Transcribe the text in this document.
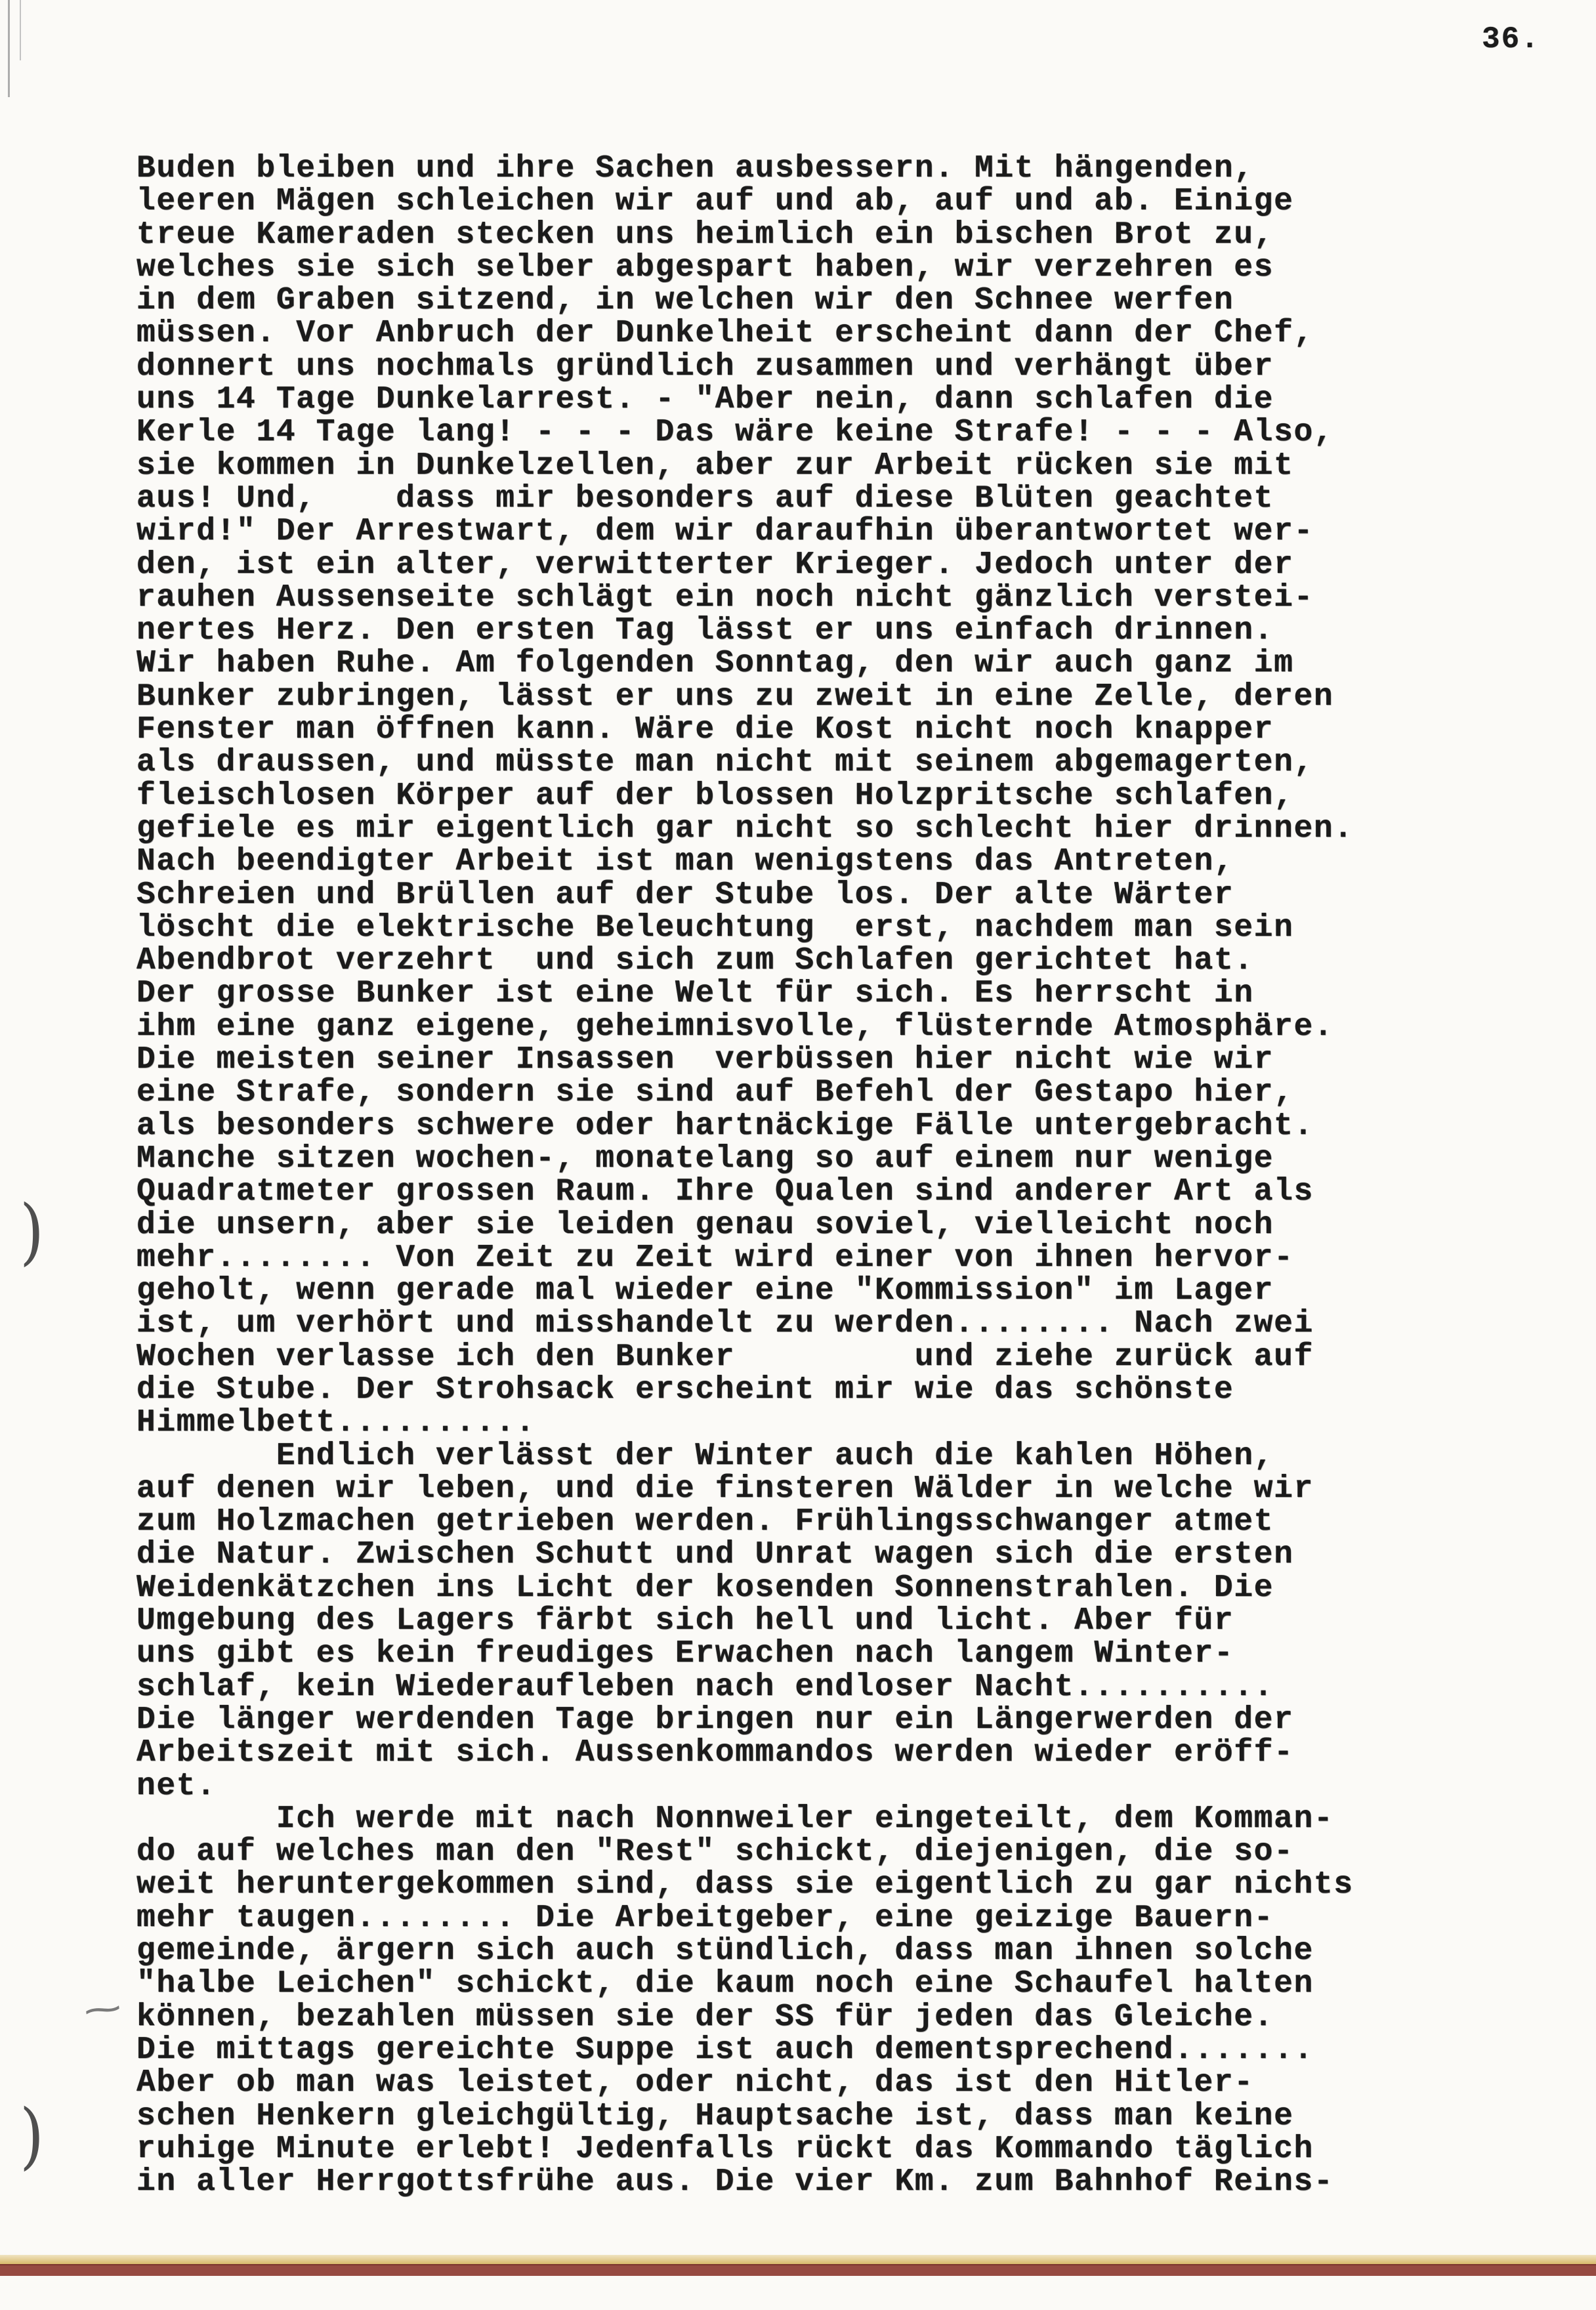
36.
Buden bleiben und ihre Sachen ausbessern. Mit hängenden,
leeren Mägen schleichen wir auf und ab, auf und ab. Einige
treue Kameraden stecken uns heimlich ein bischen Brot zu,
welches sie sich selber abgespart haben, wir verzehren es
in dem Graben sitzend, in welchen wir den Schnee werfen
müssen. Vor Anbruch der Dunkelheit erscheint dann der Chef,
donnert uns nochmals gründlich zusammen und verhängt über
uns 14 Tage Dunkelarrest. - "Aber nein, dann schlafen die
Kerle 14 Tage lang! - - - Das wäre keine Strafe! - - - Also,
sie kommen in Dunkelzellen, aber zur Arbeit rücken sie mit
aus! Und,    dass mir besonders auf diese Blüten geachtet
wird!" Der Arrestwart, dem wir daraufhin überantwortet wer-
den, ist ein alter, verwitterter Krieger. Jedoch unter der
rauhen Aussenseite schlägt ein noch nicht gänzlich verstei-
nertes Herz. Den ersten Tag lässt er uns einfach drinnen.
Wir haben Ruhe. Am folgenden Sonntag, den wir auch ganz im
Bunker zubringen, lässt er uns zu zweit in eine Zelle, deren
Fenster man öffnen kann. Wäre die Kost nicht noch knapper
als draussen, und müsste man nicht mit seinem abgemagerten,
fleischlosen Körper auf der blossen Holzpritsche schlafen,
gefiele es mir eigentlich gar nicht so schlecht hier drinnen.
Nach beendigter Arbeit ist man wenigstens das Antreten,
Schreien und Brüllen auf der Stube los. Der alte Wärter
löscht die elektrische Beleuchtung  erst, nachdem man sein
Abendbrot verzehrt  und sich zum Schlafen gerichtet hat.
Der grosse Bunker ist eine Welt für sich. Es herrscht in
ihm eine ganz eigene, geheimnisvolle, flüsternde Atmosphäre.
Die meisten seiner Insassen  verbüssen hier nicht wie wir
eine Strafe, sondern sie sind auf Befehl der Gestapo hier,
als besonders schwere oder hartnäckige Fälle untergebracht.
Manche sitzen wochen-, monatelang so auf einem nur wenige
Quadratmeter grossen Raum. Ihre Qualen sind anderer Art als
die unsern, aber sie leiden genau soviel, vielleicht noch
mehr........ Von Zeit zu Zeit wird einer von ihnen hervor-
geholt, wenn gerade mal wieder eine "Kommission" im Lager
ist, um verhört und misshandelt zu werden........ Nach zwei
Wochen verlasse ich den Bunker         und ziehe zurück auf
die Stube. Der Strohsack erscheint mir wie das schönste
Himmelbett..........
Endlich verlässt der Winter auch die kahlen Höhen,
auf denen wir leben, und die finsteren Wälder in welche wir
zum Holzmachen getrieben werden. Frühlingsschwanger atmet
die Natur. Zwischen Schutt und Unrat wagen sich die ersten
Weidenkätzchen ins Licht der kosenden Sonnenstrahlen. Die
Umgebung des Lagers färbt sich hell und licht. Aber für
uns gibt es kein freudiges Erwachen nach langem Winter-
schlaf, kein Wiederaufleben nach endloser Nacht..........
Die länger werdenden Tage bringen nur ein Längerwerden der
Arbeitszeit mit sich. Aussenkommandos werden wieder eröff-
net.
Ich werde mit nach Nonnweiler eingeteilt, dem Komman-
do auf welches man den "Rest" schickt, diejenigen, die so-
weit heruntergekommen sind, dass sie eigentlich zu gar nichts
mehr taugen........ Die Arbeitgeber, eine geizige Bauern-
gemeinde, ärgern sich auch stündlich, dass man ihnen solche
"halbe Leichen" schickt, die kaum noch eine Schaufel halten
können, bezahlen müssen sie der SS für jeden das Gleiche.
Die mittags gereichte Suppe ist auch dementsprechend.......
Aber ob man was leistet, oder nicht, das ist den Hitler-
schen Henkern gleichgültig, Hauptsache ist, dass man keine
ruhige Minute erlebt! Jedenfalls rückt das Kommando täglich
in aller Herrgottsfrühe aus. Die vier Km. zum Bahnhof Reins-
)
)
~
